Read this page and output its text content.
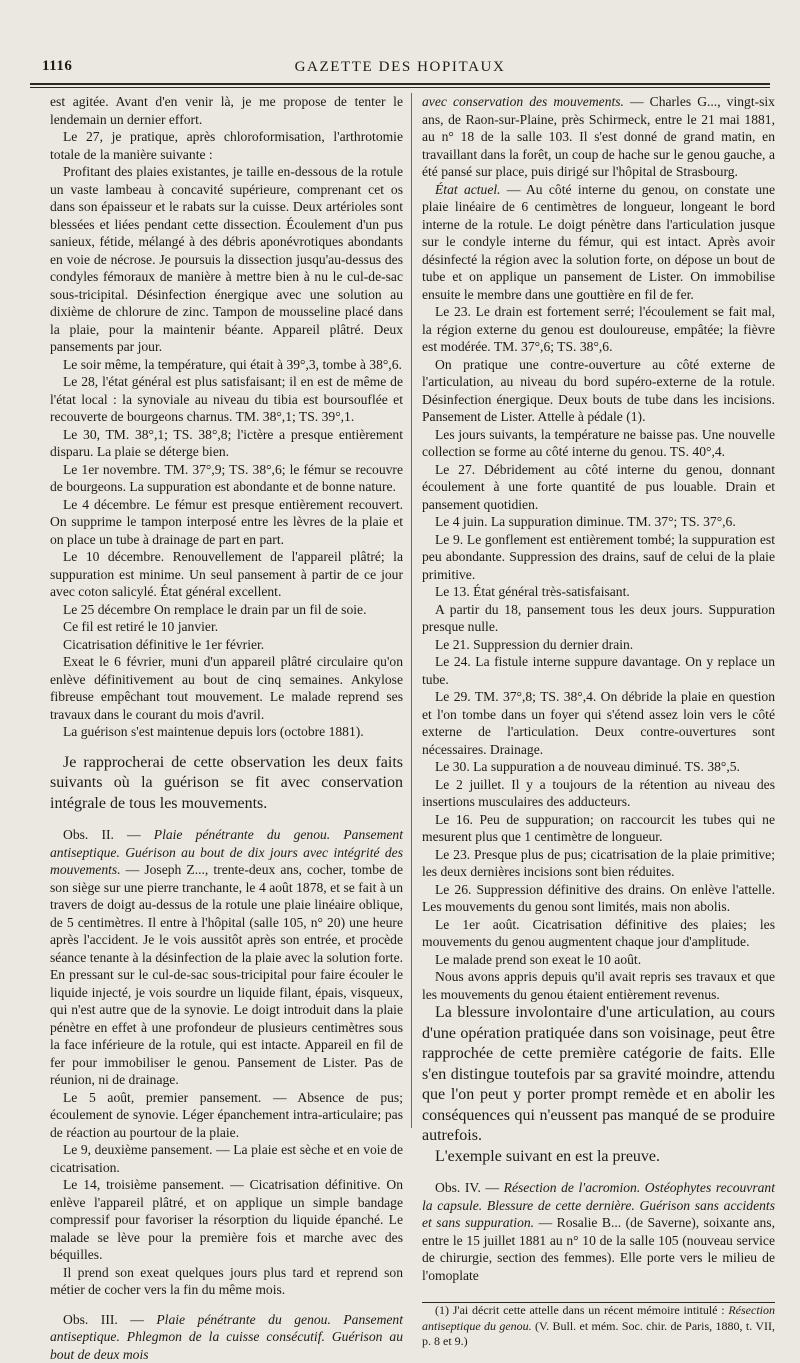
1116	GAZETTE DES HOPITAUX

est agitée. Avant d'en venir là, je me propose de tenter le lendemain un dernier effort.

Le 27, je pratique, après chloroformisation, l'arthrotomie totale de la manière suivante :

Profitant des plaies existantes, je taille en-dessous de la rotule un vaste lambeau à concavité supérieure, comprenant cet os dans son épaisseur et le rabats sur la cuisse. Deux artérioles sont blessées et liées pendant cette dissection. Écoulement d'un pus sanieux, fétide, mélangé à des débris aponévrotiques abondants en voie de nécrose. Je poursuis la dissection jusqu'au-dessus des condyles fémoraux de manière à mettre bien à nu le cul-de-sac sous-tricipital. Désinfection énergique avec une solution au dixième de chlorure de zinc. Tampon de mousseline placé dans la plaie, pour la maintenir béante. Appareil plâtré. Deux pansements par jour.

Le soir même, la température, qui était à 39°,3, tombe à 38°,6.

Le 28, l'état général est plus satisfaisant; il en est de même de l'état local : la synoviale au niveau du tibia est boursouflée et recouverte de bourgeons charnus. TM. 38°,1; TS. 39°,1.

Le 30, TM. 38°,1; TS. 38°,8; l'ictère a presque entièrement disparu. La plaie se déterge bien.

Le 1er novembre. TM. 37°,9; TS. 38°,6; le fémur se recouvre de bourgeons. La suppuration est abondante et de bonne nature.

Le 4 décembre. Le fémur est presque entièrement recouvert. On supprime le tampon interposé entre les lèvres de la plaie et on place un tube à drainage de part en part.

Le 10 décembre. Renouvellement de l'appareil plâtré; la suppuration est minime. Un seul pansement à partir de ce jour avec coton salicylé. État général excellent.

Le 25 décembre On remplace le drain par un fil de soie.

Ce fil est retiré le 10 janvier.

Cicatrisation définitive le 1er février.

Exeat le 6 février, muni d'un appareil plâtré circulaire qu'on enlève définitivement au bout de cinq semaines. Ankylose fibreuse empêchant tout mouvement. Le malade reprend ses travaux dans le courant du mois d'avril.

La guérison s'est maintenue depuis lors (octobre 1881).

Je rapprocherai de cette observation les deux faits suivants où la guérison se fit avec conservation intégrale de tous les mouvements.

Obs. II. — Plaie pénétrante du genou. Pansement antiseptique. Guérison au bout de dix jours avec intégrité des mouvements. — Joseph Z..., trente-deux ans, cocher, tombe de son siège sur une pierre tranchante, le 4 août 1878, et se fait à un travers de doigt au-dessus de la rotule une plaie linéaire oblique, de 5 centimètres. Il entre à l'hôpital (salle 105, n° 20) une heure après l'accident. Je le vois aussitôt après son entrée, et procède séance tenante à la désinfection de la plaie avec la solution forte. En pressant sur le cul-de-sac sous-tricipital pour faire écouler le liquide injecté, je vois sourdre un liquide filant, épais, visqueux, qui n'est autre que de la synovie. Le doigt introduit dans la plaie pénètre en effet à une profondeur de plusieurs centimètres sous la face inférieure de la rotule, qui est intacte. Appareil en fil de fer pour immobiliser le genou. Pansement de Lister. Pas de réunion, ni de drainage.

Le 5 août, premier pansement. — Absence de pus; écoulement de synovie. Léger épanchement intra-articulaire; pas de réaction au pourtour de la plaie.

Le 9, deuxième pansement. — La plaie est sèche et en voie de cicatrisation.

Le 14, troisième pansement. — Cicatrisation définitive. On enlève l'appareil plâtré, et on applique un simple bandage compressif pour favoriser la résorption du liquide épanché. Le malade se lève pour la première fois et marche avec des béquilles.

Il prend son exeat quelques jours plus tard et reprend son métier de cocher vers la fin du même mois.

Obs. III. — Plaie pénétrante du genou. Pansement antiseptique. Phlegmon de la cuisse consécutif. Guérison au bout de deux mois

avec conservation des mouvements. — Charles G..., vingt-six ans, de Raon-sur-Plaine, près Schirmeck, entre le 21 mai 1881, au n° 18 de la salle 103. Il s'est donné de grand matin, en travaillant dans la forêt, un coup de hache sur le genou gauche, a été pansé sur place, puis dirigé sur l'hôpital de Strasbourg.

État actuel. — Au côté interne du genou, on constate une plaie linéaire de 6 centimètres de longueur, longeant le bord interne de la rotule. Le doigt pénètre dans l'articulation jusque sur le condyle interne du fémur, qui est intact. Après avoir désinfecté la région avec la solution forte, on dépose un bout de tube et on applique un pansement de Lister. On immobilise ensuite le membre dans une gouttière en fil de fer.

Le 23. Le drain est fortement serré; l'écoulement se fait mal, la région externe du genou est douloureuse, empâtée; la fièvre est modérée. TM. 37°,6; TS. 38°,6.

On pratique une contre-ouverture au côté externe de l'articulation, au niveau du bord supéro-externe de la rotule. Désinfection énergique. Deux bouts de tube dans les incisions. Pansement de Lister. Attelle à pédale (1).

Les jours suivants, la température ne baisse pas. Une nouvelle collection se forme au côté interne du genou. TS. 40°,4.

Le 27. Débridement au côté interne du genou, donnant écoulement à une forte quantité de pus louable. Drain et pansement quotidien.

Le 4 juin. La suppuration diminue. TM. 37°; TS. 37°,6.

Le 9. Le gonflement est entièrement tombé; la suppuration est peu abondante. Suppression des drains, sauf de celui de la plaie primitive.

Le 13. État général très-satisfaisant.

A partir du 18, pansement tous les deux jours. Suppuration presque nulle.

Le 21. Suppression du dernier drain.

Le 24. La fistule interne suppure davantage. On y replace un tube.

Le 29. TM. 37°,8; TS. 38°,4. On débride la plaie en question et l'on tombe dans un foyer qui s'étend assez loin vers le côté externe de l'articulation. Deux contre-ouvertures sont nécessaires. Drainage.

Le 30. La suppuration a de nouveau diminué. TS. 38°,5.

Le 2 juillet. Il y a toujours de la rétention au niveau des insertions musculaires des adducteurs.

Le 16. Peu de suppuration; on raccourcit les tubes qui ne mesurent plus que 1 centimètre de longueur.

Le 23. Presque plus de pus; cicatrisation de la plaie primitive; les deux dernières incisions sont bien réduites.

Le 26. Suppression définitive des drains. On enlève l'attelle. Les mouvements du genou sont limités, mais non abolis.

Le 1er août. Cicatrisation définitive des plaies; les mouvements du genou augmentent chaque jour d'amplitude.

Le malade prend son exeat le 10 août.

Nous avons appris depuis qu'il avait repris ses travaux et que les mouvements du genou étaient entièrement revenus.

La blessure involontaire d'une articulation, au cours d'une opération pratiquée dans son voisinage, peut être rapprochée de cette première catégorie de faits. Elle s'en distingue toutefois par sa gravité moindre, attendu que l'on peut y porter prompt remède et en abolir les conséquences qui n'eussent pas manqué de se produire autrefois.

L'exemple suivant en est la preuve.

Obs. IV. — Résection de l'acromion. Ostéophytes recouvrant la capsule. Blessure de cette dernière. Guérison sans accidents et sans suppuration. — Rosalie B... (de Saverne), soixante ans, entre le 15 juillet 1881 au n° 10 de la salle 105 (nouveau service de chirurgie, section des femmes). Elle porte vers le milieu de l'omoplate

(1) J'ai décrit cette attelle dans un récent mémoire intitulé : Résection antiseptique du genou. (V. Bull. et mém. Soc. chir. de Paris, 1880, t. VII, p. 8 et 9.)
